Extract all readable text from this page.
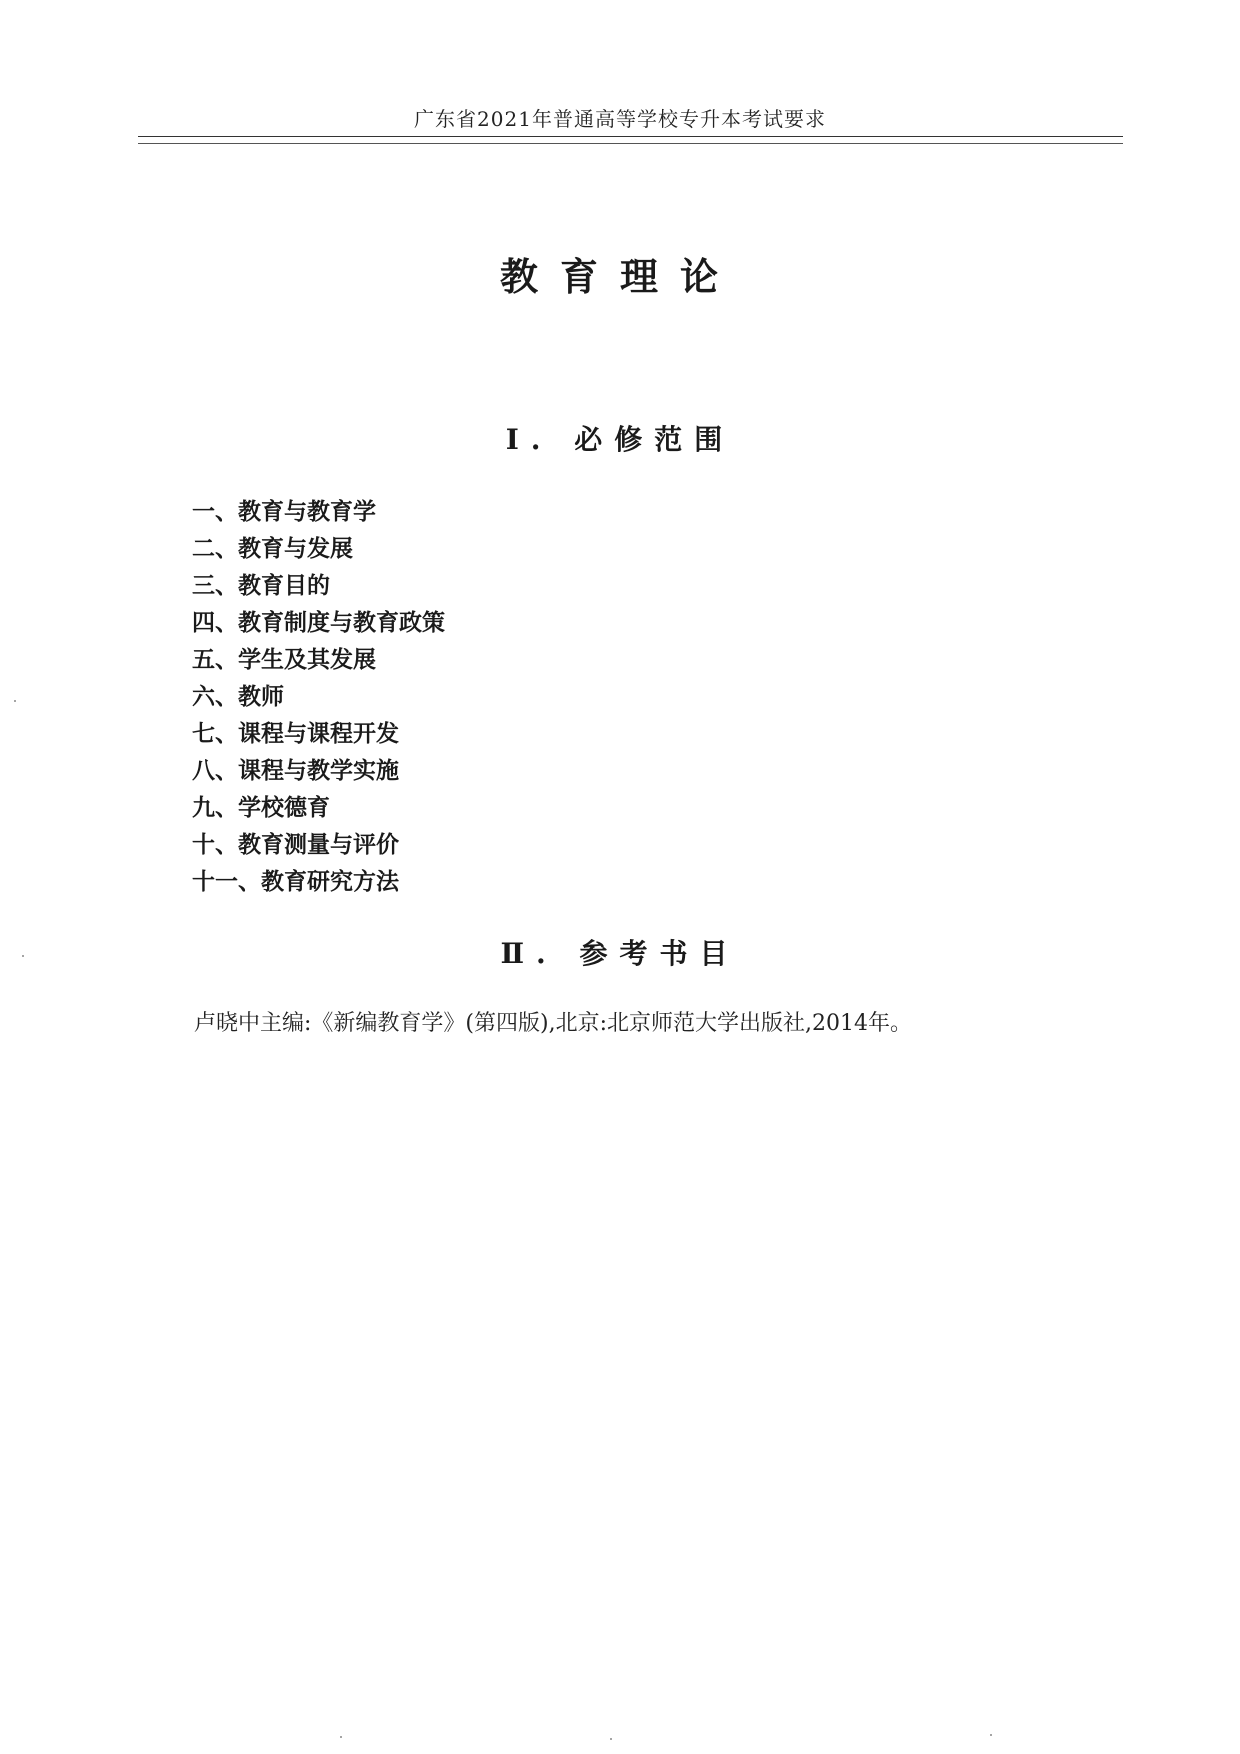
广东省2021年普通高等学校专升本考试要求
教育理论
Ⅰ. 必修范围
一、教育与教育学
二、教育与发展
三、教育目的
四、教育制度与教育政策
五、学生及其发展
六、教师
七、课程与课程开发
八、课程与教学实施
九、学校德育
十、教育测量与评价
十一、教育研究方法
Ⅱ. 参考书目
卢晓中主编:《新编教育学》(第四版),北京:北京师范大学出版社,2014年。
